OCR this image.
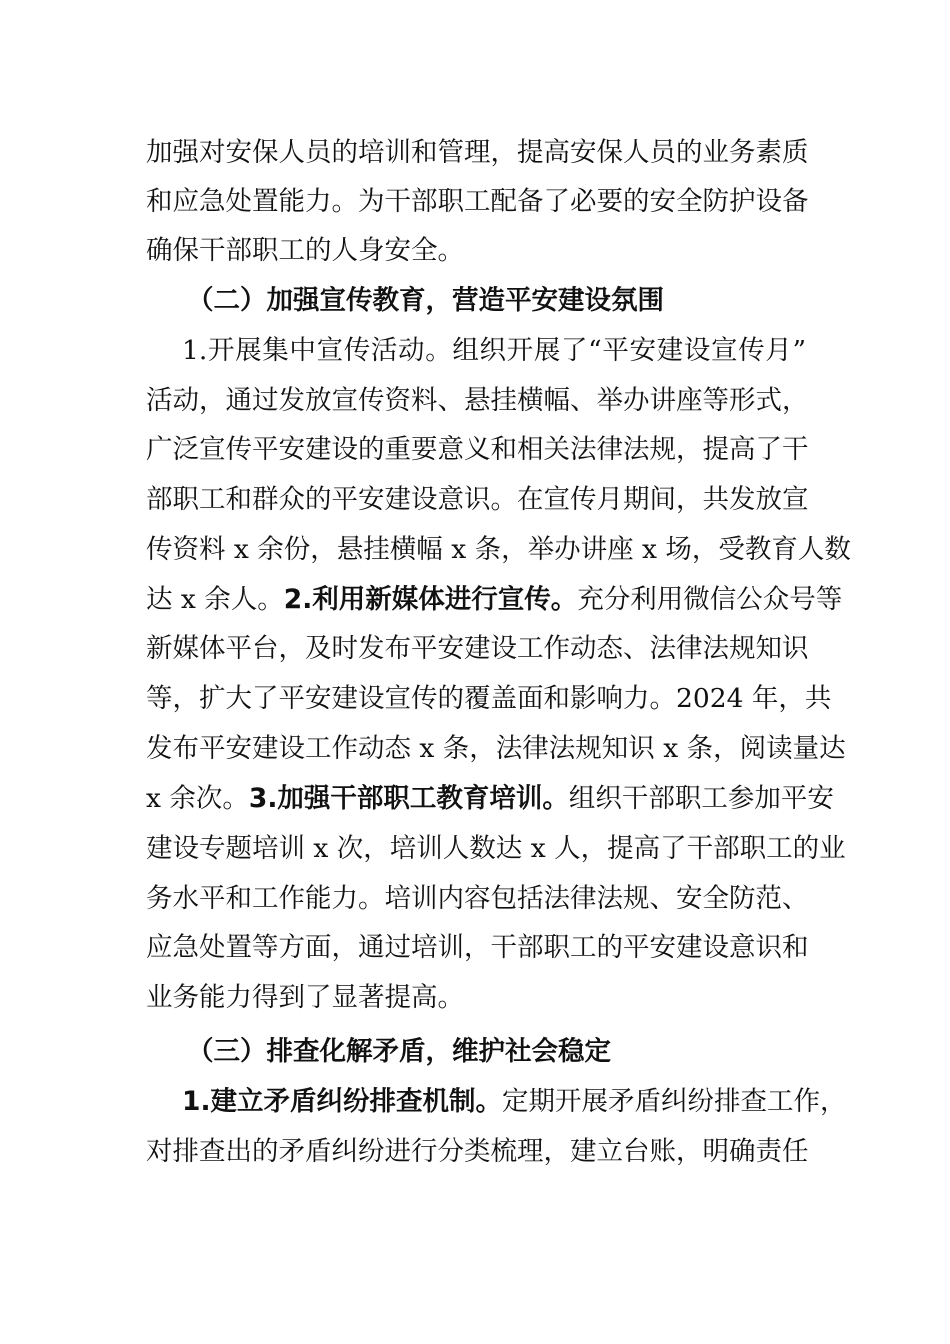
加强对安保人员的培训和管理，提高安保人员的业务素质
和应急处置能力。为干部职工配备了必要的安全防护设备
确保干部职工的人身安全。
（二）加强宣传教育，营造平安建设氛围
1.开展集中宣传活动。组织开展了“平安建设宣传月”
活动，通过发放宣传资料、悬挂横幅、举办讲座等形式，
广泛宣传平安建设的重要意义和相关法律法规，提高了干
部职工和群众的平安建设意识。在宣传月期间，共发放宣
传资料 x 余份，悬挂横幅 x 条，举办讲座 x 场，受教育人数
达 x 余人。2.利用新媒体进行宣传。充分利用微信公众号等
新媒体平台，及时发布平安建设工作动态、法律法规知识
等，扩大了平安建设宣传的覆盖面和影响力。2024 年，共
发布平安建设工作动态 x 条，法律法规知识 x 条，阅读量达
x 余次。3.加强干部职工教育培训。组织干部职工参加平安
建设专题培训 x 次，培训人数达 x 人，提高了干部职工的业
务水平和工作能力。培训内容包括法律法规、安全防范、
应急处置等方面，通过培训，干部职工的平安建设意识和
业务能力得到了显著提高。
（三）排查化解矛盾，维护社会稳定
1.建立矛盾纠纷排查机制。定期开展矛盾纠纷排查工作，
对排查出的矛盾纠纷进行分类梳理，建立台账，明确责任
